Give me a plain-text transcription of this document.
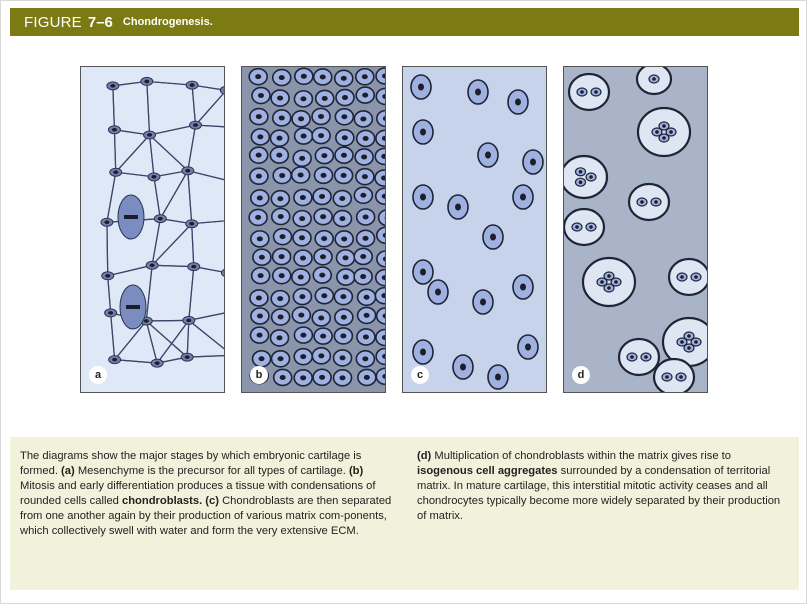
FIGURE 7–6 Chondrogenesis.
a	b	c	d
The diagrams show the major stages by which embryonic cartilage is formed. (a) Mesenchyme is the precursor for all types of cartilage. (b) Mitosis and early differentiation produces a tissue with condensations of rounded cells called chondroblasts. (c) Chondroblasts are then separated from one another again by their production of various matrix com-ponents, which collectively swell with water and form the very extensive ECM.
(d) Multiplication of chondroblasts within the matrix gives rise to isogenous cell aggregates surrounded by a condensation of territorial matrix. In mature cartilage, this interstitial mitotic activity ceases and all chondrocytes typically become more widely separated by their production of matrix.
